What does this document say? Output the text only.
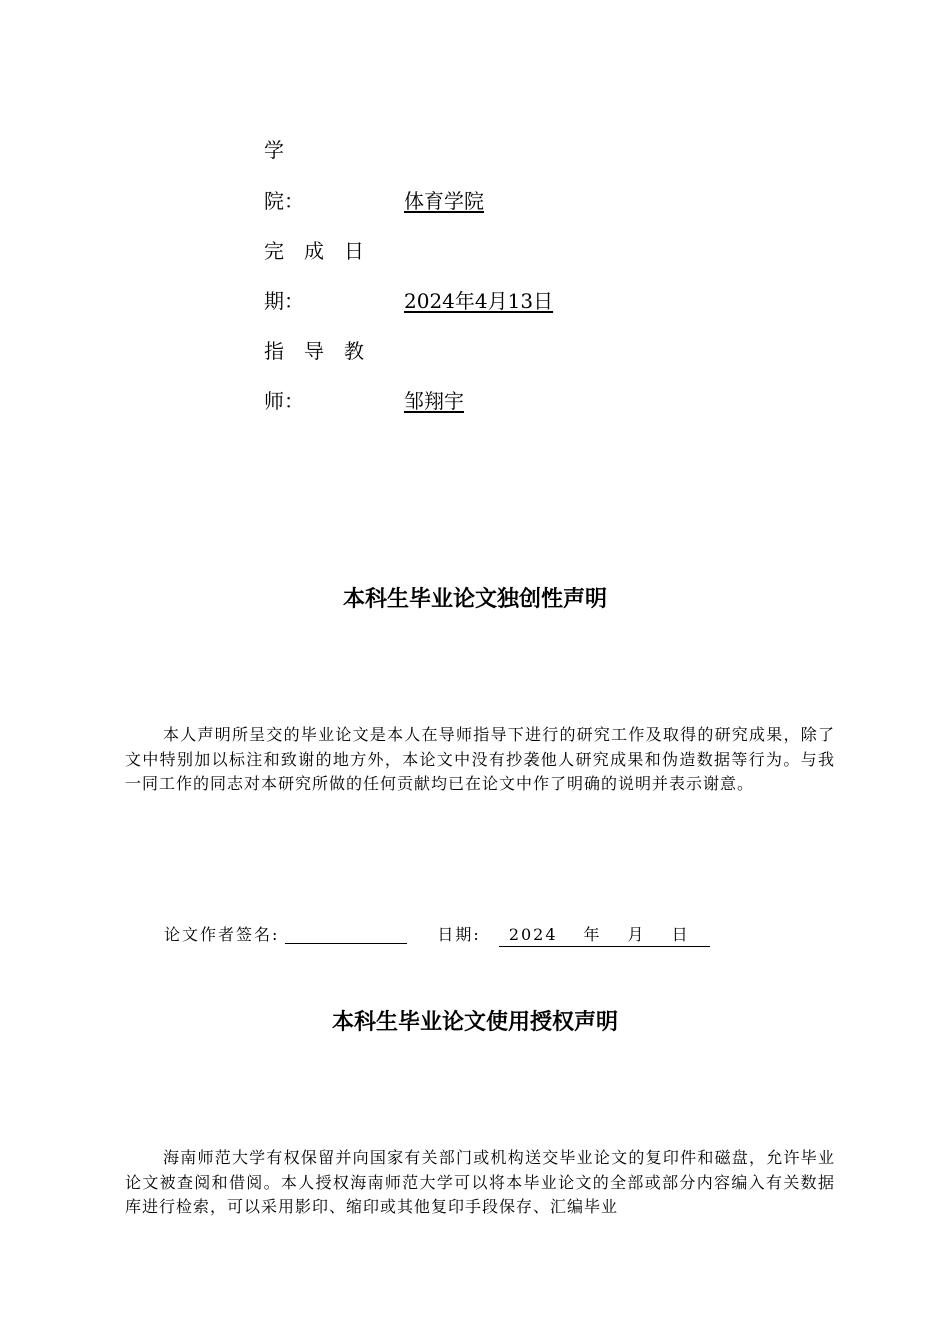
学
院：	体育学院
完成日
期：	2024年4月13日
指导教
师：	邹翔宇
本科生毕业论文独创性声明
本人声明所呈交的毕业论文是本人在导师指导下进行的研究工作及取得的研究成果，除了文中特别加以标注和致谢的地方外，本论文中没有抄袭他人研究成果和伪造数据等行为。与我一同工作的同志对本研究所做的任何贡献均已在论文中作了明确的说明并表示谢意。
论文作者签名:	日期: 2024 年 月 日
本科生毕业论文使用授权声明
海南师范大学有权保留并向国家有关部门或机构送交毕业论文的复印件和磁盘，允许毕业论文被查阅和借阅。本人授权海南师范大学可以将本毕业论文的全部或部分内容编入有关数据库进行检索，可以采用影印、缩印或其他复印手段保存、汇编毕业
